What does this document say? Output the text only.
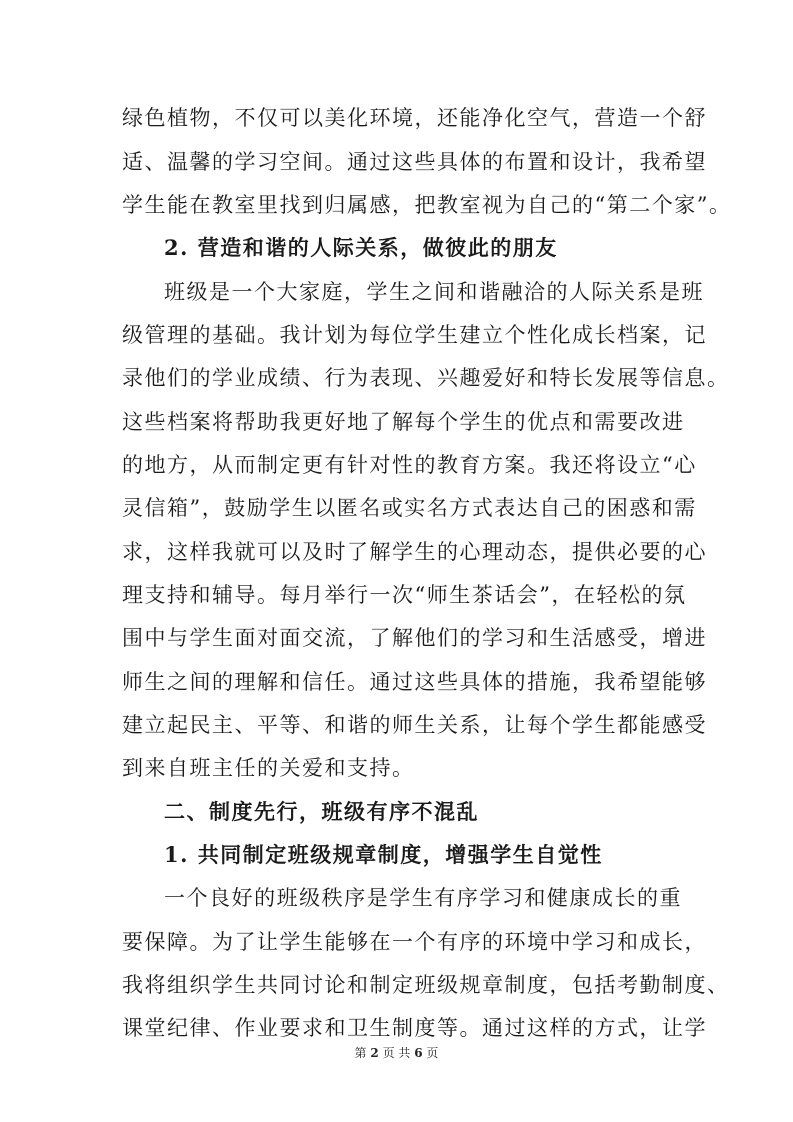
绿色植物，不仅可以美化环境，还能净化空气，营造一个舒
适、温馨的学习空间。通过这些具体的布置和设计，我希望
学生能在教室里找到归属感，把教室视为自己的“第二个家”。
2. 营造和谐的人际关系，做彼此的朋友
班级是一个大家庭，学生之间和谐融洽的人际关系是班
级管理的基础。我计划为每位学生建立个性化成长档案，记
录他们的学业成绩、行为表现、兴趣爱好和特长发展等信息。
这些档案将帮助我更好地了解每个学生的优点和需要改进
的地方，从而制定更有针对性的教育方案。我还将设立“心
灵信箱”，鼓励学生以匿名或实名方式表达自己的困惑和需
求，这样我就可以及时了解学生的心理动态，提供必要的心
理支持和辅导。每月举行一次“师生茶话会”，在轻松的氛
围中与学生面对面交流，了解他们的学习和生活感受，增进
师生之间的理解和信任。通过这些具体的措施，我希望能够
建立起民主、平等、和谐的师生关系，让每个学生都能感受
到来自班主任的关爱和支持。
二、制度先行，班级有序不混乱
1. 共同制定班级规章制度，增强学生自觉性
一个良好的班级秩序是学生有序学习和健康成长的重
要保障。为了让学生能够在一个有序的环境中学习和成长，
我将组织学生共同讨论和制定班级规章制度，包括考勤制度、
课堂纪律、作业要求和卫生制度等。通过这样的方式，让学
第 2 页 共 6 页
